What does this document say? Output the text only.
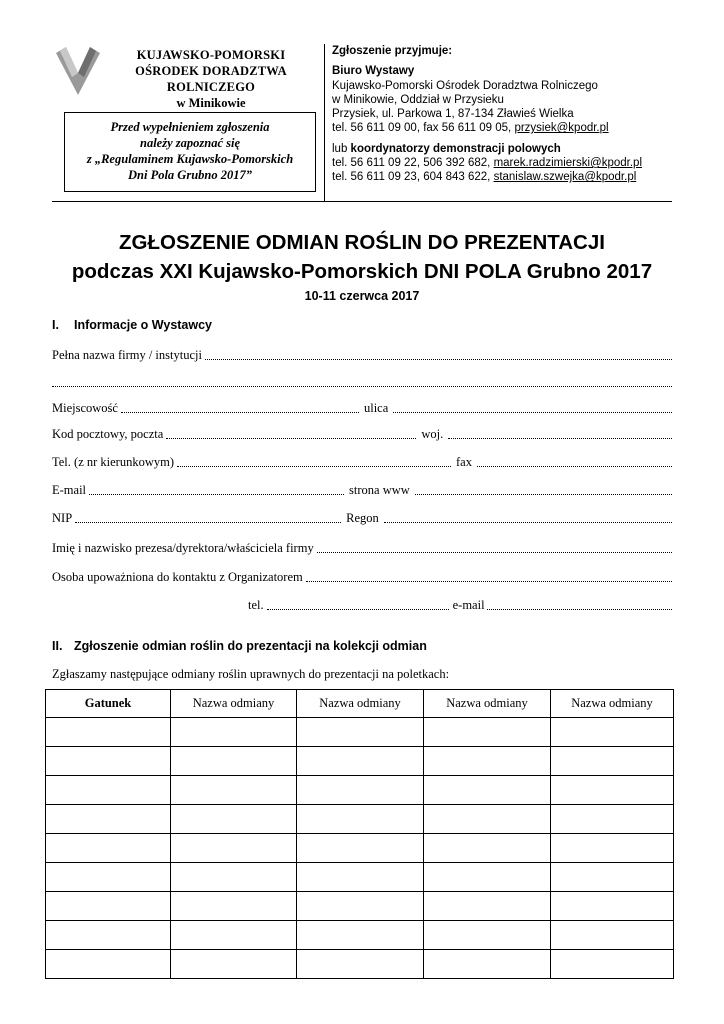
KUJAWSKO-POMORSKI
OŚRODEK DORADZTWA ROLNICZEGO
w Minikowie
Przed wypełnieniem zgłoszenia
należy zapoznać się
z „Regulaminem Kujawsko-Pomorskich
Dni Pola Grubno 2017”
Zgłoszenie przyjmuje:
Biuro Wystawy
Kujawsko-Pomorski Ośrodek Doradztwa Rolniczego
w Minikowie, Oddział w Przysieku
Przysiek, ul. Parkowa 1, 87-134 Zławieś Wielka
tel. 56 611 09 00, fax 56 611 09 05, przysiek@kpodr.pl
lub koordynatorzy demonstracji polowych
tel. 56 611 09 22, 506 392 682, marek.radzimierski@kpodr.pl
tel. 56 611 09 23, 604 843 622, stanislaw.szwejka@kpodr.pl
ZGŁOSZENIE ODMIAN ROŚLIN DO PREZENTACJI
podczas XXI Kujawsko-Pomorskich DNI POLA Grubno 2017
10-11 czerwca 2017
I. Informacje o Wystawcy
Pełna nazwa firmy / instytucji
Miejscowość	ulica
Kod pocztowy, poczta	woj.
Tel. (z nr kierunkowym)	fax
E-mail	strona www
NIP	Regon
Imię i nazwisko prezesa/dyrektora/właściciela firmy
Osoba upoważniona do kontaktu z Organizatorem
tel.	e-mail
II. Zgłoszenie odmian roślin do prezentacji na kolekcji odmian
Zgłaszamy następujące odmiany roślin uprawnych do prezentacji na poletkach:
Gatunek	Nazwa odmiany	Nazwa odmiany	Nazwa odmiany	Nazwa odmiany
